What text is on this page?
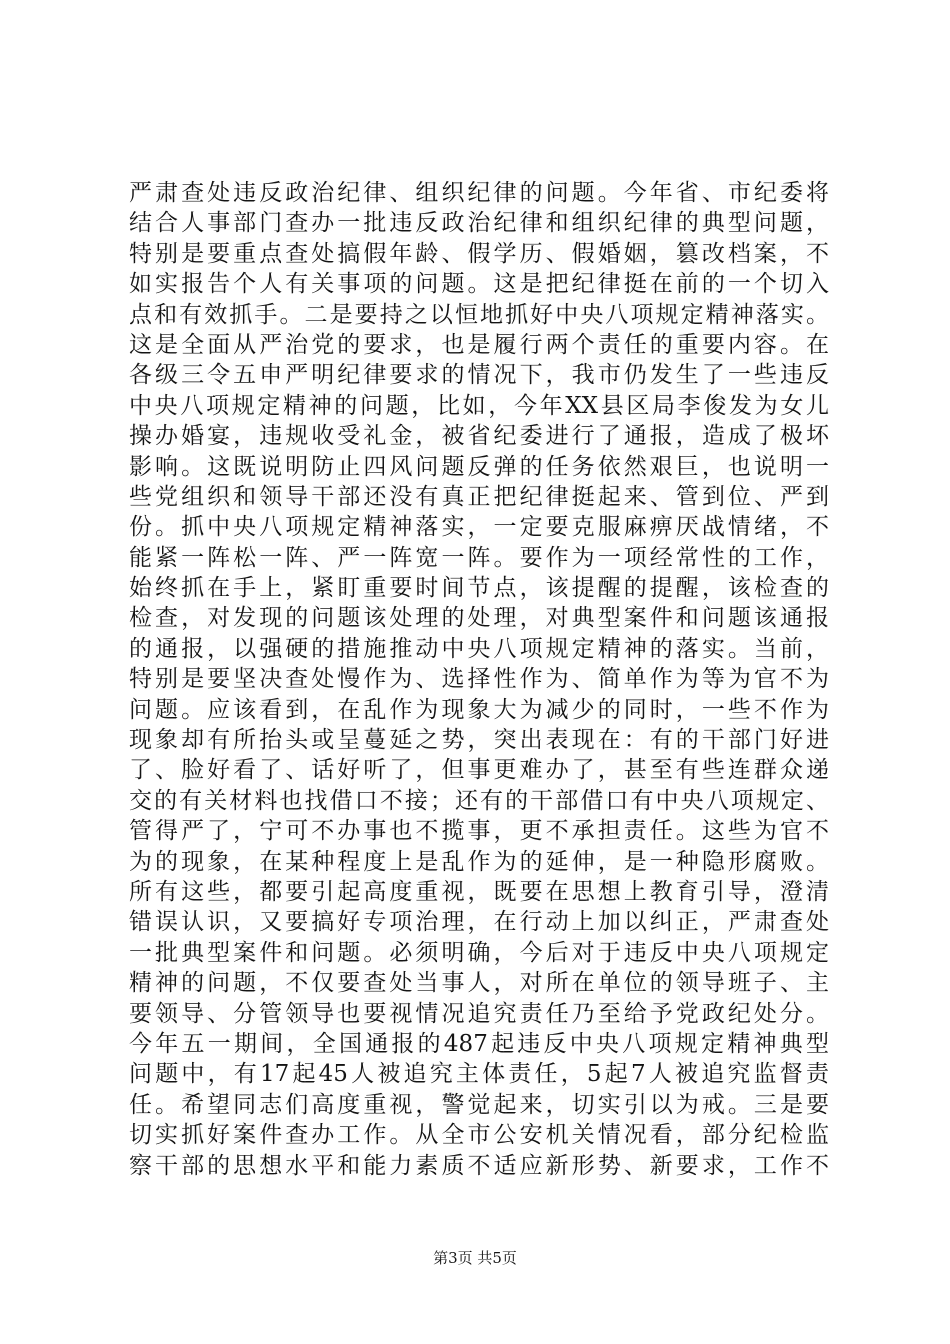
严肃查处违反政治纪律、组织纪律的问题。今年省、市纪委将
结合人事部门查办一批违反政治纪律和组织纪律的典型问题，
特别是要重点查处搞假年龄、假学历、假婚姻，篡改档案，不
如实报告个人有关事项的问题。这是把纪律挺在前的一个切入
点和有效抓手。二是要持之以恒地抓好中央八项规定精神落实。
这是全面从严治党的要求，也是履行两个责任的重要内容。在
各级三令五申严明纪律要求的情况下，我市仍发生了一些违反
中央八项规定精神的问题，比如，今年XX县区局李俊发为女儿
操办婚宴，违规收受礼金，被省纪委进行了通报，造成了极坏
影响。这既说明防止四风问题反弹的任务依然艰巨，也说明一
些党组织和领导干部还没有真正把纪律挺起来、管到位、严到
份。抓中央八项规定精神落实，一定要克服麻痹厌战情绪，不
能紧一阵松一阵、严一阵宽一阵。要作为一项经常性的工作，
始终抓在手上，紧盯重要时间节点，该提醒的提醒，该检查的
检查，对发现的问题该处理的处理，对典型案件和问题该通报
的通报，以强硬的措施推动中央八项规定精神的落实。当前，
特别是要坚决查处慢作为、选择性作为、简单作为等为官不为
问题。应该看到，在乱作为现象大为减少的同时，一些不作为
现象却有所抬头或呈蔓延之势，突出表现在：有的干部门好进
了、脸好看了、话好听了，但事更难办了，甚至有些连群众递
交的有关材料也找借口不接；还有的干部借口有中央八项规定、
管得严了，宁可不办事也不揽事，更不承担责任。这些为官不
为的现象，在某种程度上是乱作为的延伸，是一种隐形腐败。
所有这些，都要引起高度重视，既要在思想上教育引导，澄清
错误认识，又要搞好专项治理，在行动上加以纠正，严肃查处
一批典型案件和问题。必须明确，今后对于违反中央八项规定
精神的问题，不仅要查处当事人，对所在单位的领导班子、主
要领导、分管领导也要视情况追究责任乃至给予党政纪处分。
今年五一期间，全国通报的487起违反中央八项规定精神典型
问题中，有17起45人被追究主体责任，5起7人被追究监督责
任。希望同志们高度重视，警觉起来，切实引以为戒。三是要
切实抓好案件查办工作。从全市公安机关情况看，部分纪检监
察干部的思想水平和能力素质不适应新形势、新要求，工作不
第3页 共5页
